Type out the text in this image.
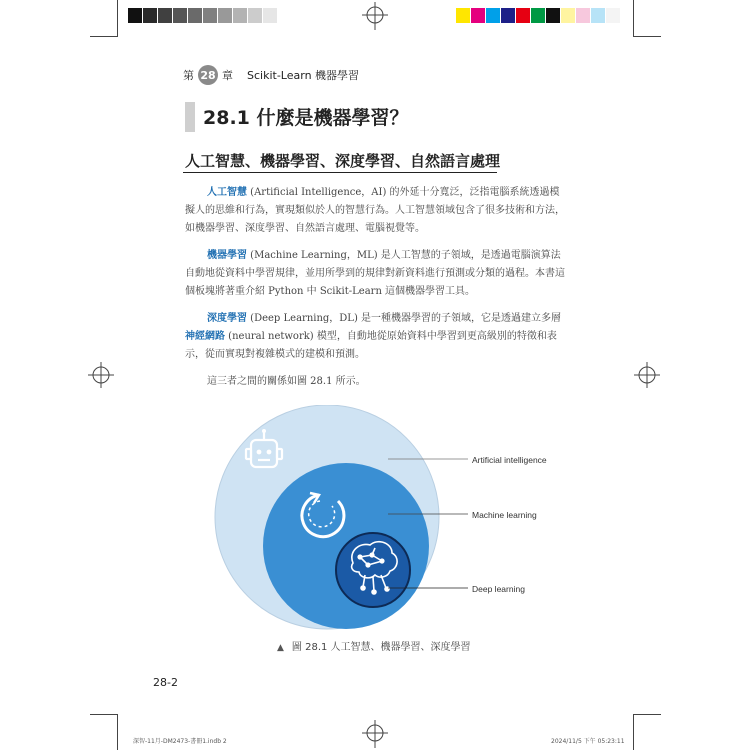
第 28 章 Scikit-Learn 機器學習
28.1 什麼是機器學習？
人工智慧、機器學習、深度學習、自然語言處理

人工智慧 (Artificial Intelligence，AI) 的外延十分寬泛，泛指電腦系統透過模擬人的思維和行為，實現類似於人的智慧行為。人工智慧領域包含了很多技術和方法，如機器學習、深度學習、自然語言處理、電腦視覺等。

機器學習 (Machine Learning，ML) 是人工智慧的子領域，是透過電腦演算法自動地從資料中學習規律，並用所學到的規律對新資料進行預測或分類的過程。本書這個板塊將著重介紹 Python 中 Scikit-Learn 這個機器學習工具。

深度學習 (Deep Learning，DL) 是一種機器學習的子領域，它是透過建立多層神經網路 (neural network) 模型，自動地從原始資料中學習到更高級別的特徵和表示，從而實現對複雜模式的建模和預測。

這三者之間的關係如圖 28.1 所示。

Artificial intelligence
Machine learning
Deep learning
▲ 圖 28.1 人工智慧、機器學習、深度學習
28-2
深智-11月-DM2473-書冊1.indb 2	2024/11/5 下午 05:23:11
